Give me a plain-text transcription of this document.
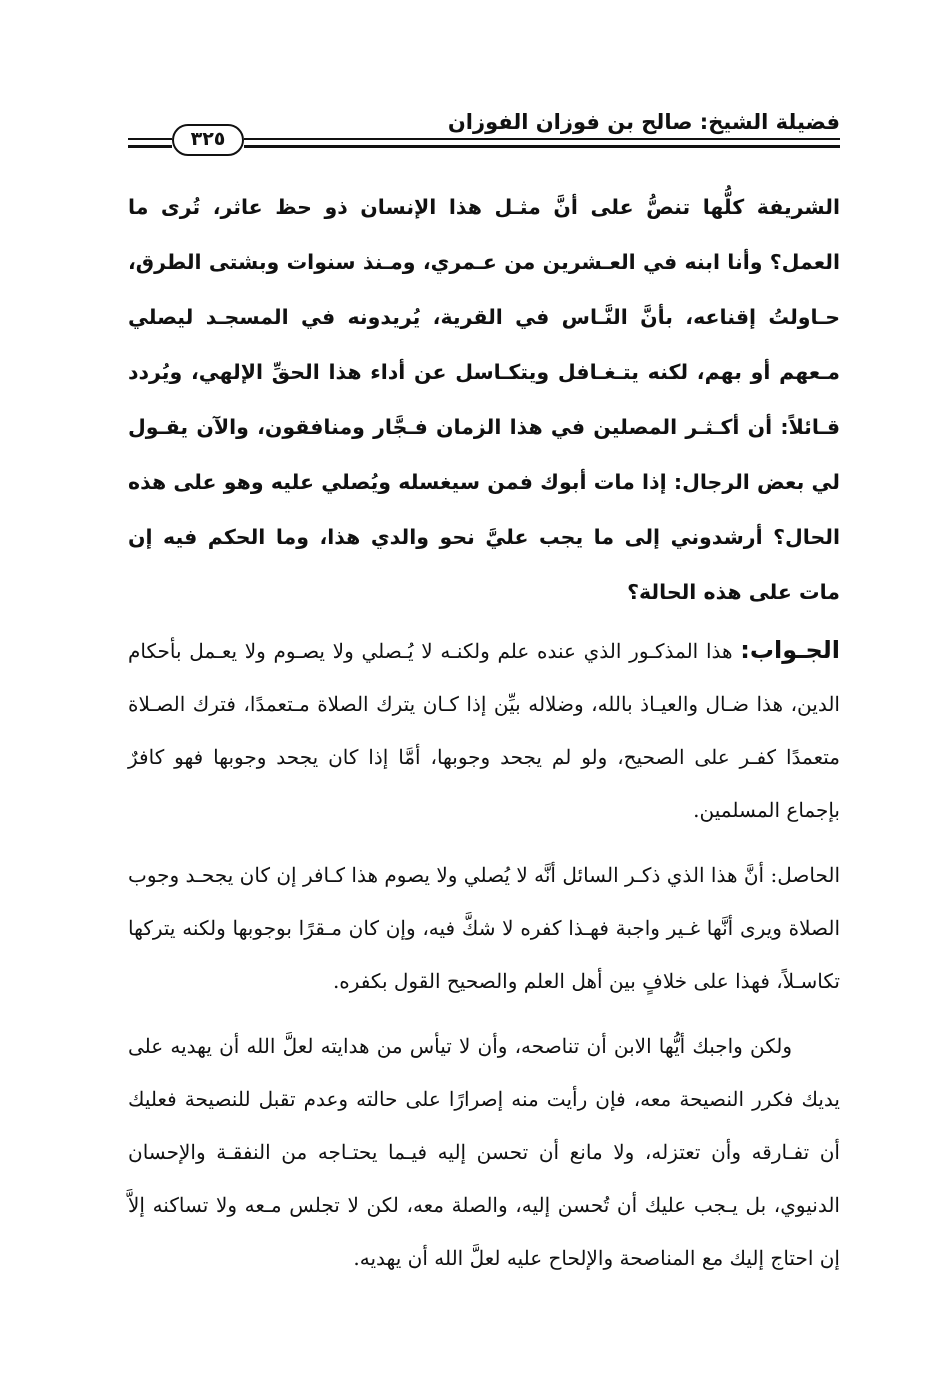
فضيلة الشيخ: صالح بن فوزان الفوزان
٣٢٥

الشريفة كلُّها تنصُّ على أنَّ مثـل هذا الإنسان ذو حظ عاثر، تُرى ما العمل؟ وأنا ابنه في العـشرين من عـمري، ومـنذ سنوات وبشتى الطرق، حـاولتُ إقناعه، بأنَّ النَّـاس في القرية، يُريدونه في المسجـد ليصلي مـعهم أو بهم، لكنه يتـغـافل ويتكـاسل عن أداء هذا الحقِّ الإلهي، ويُردد قـائلاً: أن أكـثـر المصلين في هذا الزمان فـجَّار ومنافقون، والآن يقـول لي بعض الرجال: إذا مات أبوك فمن سيغسله ويُصلي عليه وهو على هذه الحال؟ أرشدوني إلى ما يجب عليَّ نحو والدي هذا، وما الحكم فيه إن مات على هذه الحالة؟

الجـواب: هذا المذكـور الذي عنده علم ولكنـه لا يُـصلي ولا يصـوم ولا يعـمل بأحكام الدين، هذا ضـال والعيـاذ بالله، وضلاله بيِّن إذا كـان يترك الصلاة مـتعمدًا، فترك الصـلاة متعمدًا كفـر على الصحيح، ولو لم يجحد وجوبها، أمَّا إذا كان يجحد وجوبها فهو كافرٌ بإجماع المسلمين.

الحاصل: أنَّ هذا الذي ذكـر السائل أنَّه لا يُصلي ولا يصوم هذا كـافر إن كان يجحـد وجوب الصلاة ويرى أنَّها غـير واجبة فهـذا كفره لا شكَّ فيه، وإن كان مـقرًا بوجوبها ولكنه يتركها تكاسـلاً، فهذا على خلافٍ بين أهل العلم والصحيح القول بكفره.

ولكن واجبك أيُّها الابن أن تناصحه، وأن لا تيأس من هدايته لعلَّ الله أن يهديه على يديك فكرر النصيحة معه، فإن رأيت منه إصرارًا على حالته وعدم تقبل للنصيحة فعليك أن تفـارقه وأن تعتزله، ولا مانع أن تحسن إليه فيـما يحتـاجه من النفقـة والإحسان الدنيوي، بل يـجب عليك أن تُحسن إليه، والصلة معه، لكن لا تجلس مـعه ولا تساكنه إلاَّ إن احتاج إليك مع المناصحة والإلحاح عليه لعلَّ الله أن يهديه.
